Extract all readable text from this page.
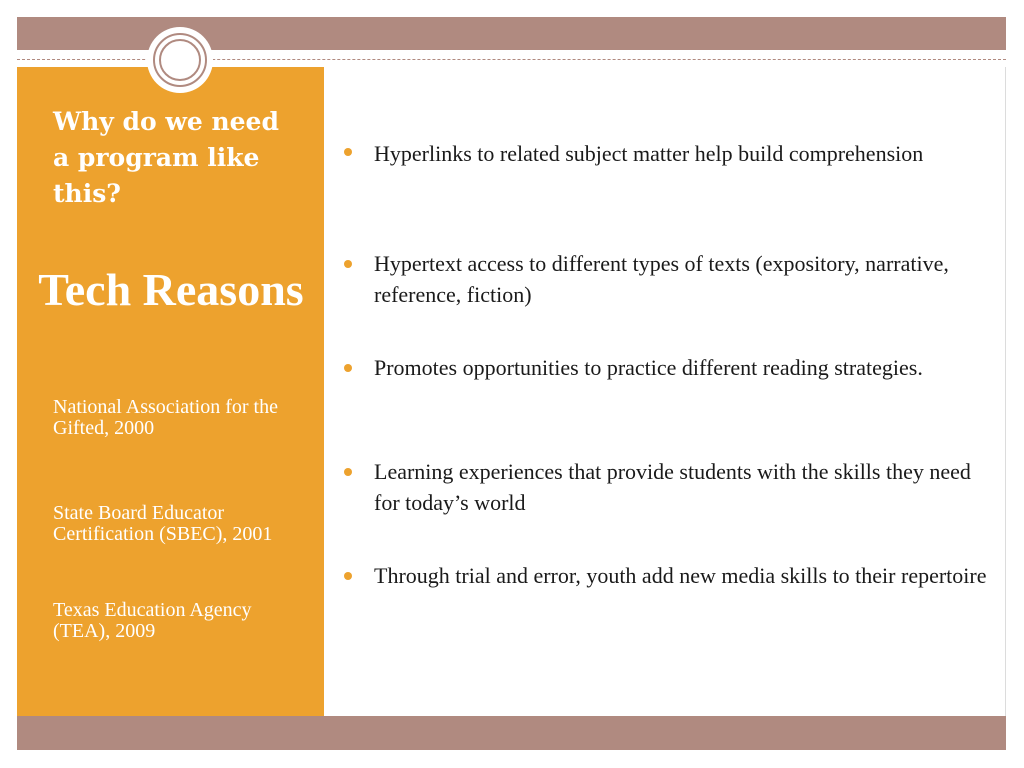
Why do we need a program like this?
Tech Reasons

National Association for the Gifted, 2000

State Board Educator Certification (SBEC), 2001

Texas Education Agency (TEA), 2009

Hyperlinks to related subject matter help build comprehension
Hypertext access to different types of texts (expository, narrative, reference, fiction)
Promotes opportunities to practice different reading strategies.
Learning experiences that provide students with the skills they need for today’s world
Through trial and error, youth add new media skills to their repertoire
